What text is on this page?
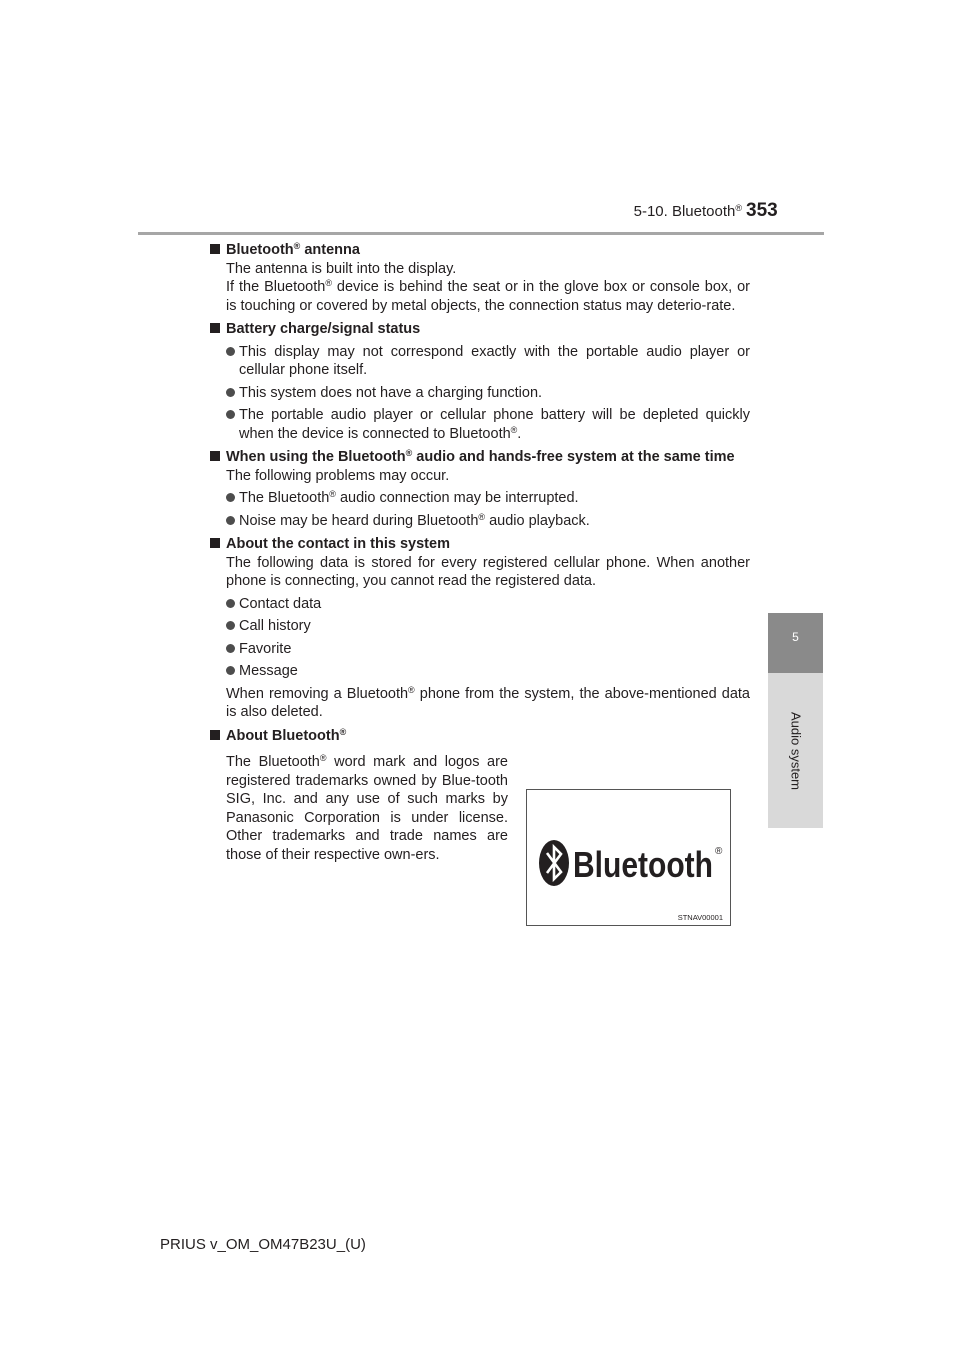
5-10. Bluetooth® 353
5
Audio system
Bluetooth® antenna

The antenna is built into the display.

If the Bluetooth® device is behind the seat or in the glove box or console box, or is touching or covered by metal objects, the connection status may deterio-rate.

Battery charge/signal status
This display may not correspond exactly with the portable audio player or cellular phone itself.
This system does not have a charging function.
The portable audio player or cellular phone battery will be depleted quickly when the device is connected to Bluetooth®.
When using the Bluetooth® audio and hands-free system at the same time

The following problems may occur.

The Bluetooth® audio connection may be interrupted.
Noise may be heard during Bluetooth® audio playback.
About the contact in this system

The following data is stored for every registered cellular phone. When another phone is connecting, you cannot read the registered data.

Contact data
Call history
Favorite
Message

When removing a Bluetooth® phone from the system, the above-mentioned data is also deleted.

About Bluetooth®
The Bluetooth® word mark and logos are registered trademarks owned by Blue-tooth SIG, Inc. and any use of such marks by Panasonic Corporation is under license. Other trademarks and trade names are those of their respective own-ers.	Bluetooth ®
STNAV00001
PRIUS v_OM_OM47B23U_(U)
